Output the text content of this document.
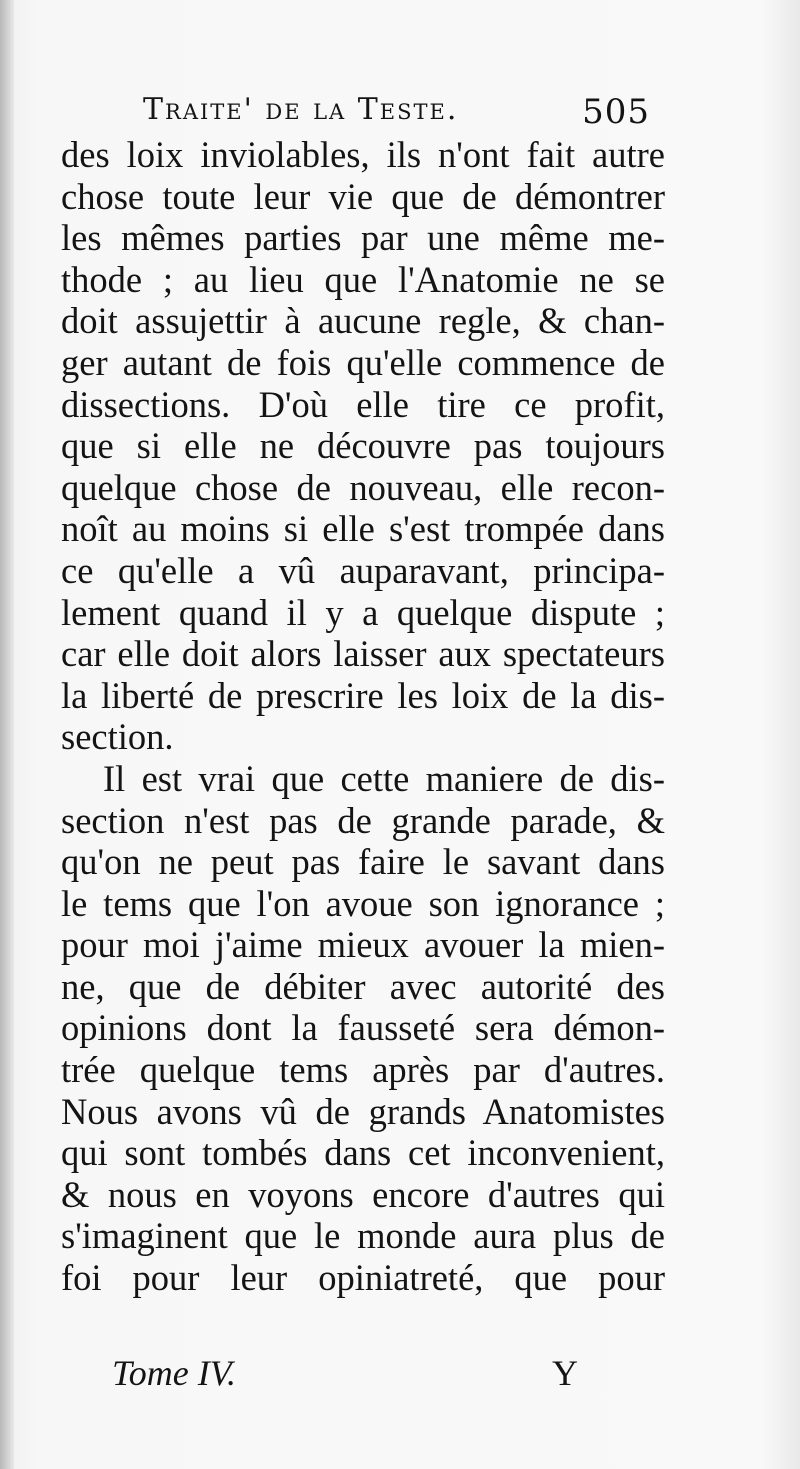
Traite' de la Teste.	505
des loix inviolables, ils n'ont fait autre
chose toute leur vie que de démontrer
les mêmes parties par une même me-
thode ; au lieu que l'Anatomie ne se
doit assujettir à aucune regle, & chan-
ger autant de fois qu'elle commence de
dissections. D'où elle tire ce profit,
que si elle ne découvre pas toujours
quelque chose de nouveau, elle recon-
noît au moins si elle s'est trompée dans
ce qu'elle a vû auparavant, principa-
lement quand il y a quelque dispute ;
car elle doit alors laisser aux spectateurs
la liberté de prescrire les loix de la dis-
section.
Il est vrai que cette maniere de dis-
section n'est pas de grande parade, &
qu'on ne peut pas faire le savant dans
le tems que l'on avoue son ignorance ;
pour moi j'aime mieux avouer la mien-
ne, que de débiter avec autorité des
opinions dont la fausseté sera démon-
trée quelque tems après par d'autres.
Nous avons vû de grands Anatomistes
qui sont tombés dans cet inconvenient,
& nous en voyons encore d'autres qui
s'imaginent que le monde aura plus de
foi pour leur opiniatreté, que pour
Tome IV.	Y
